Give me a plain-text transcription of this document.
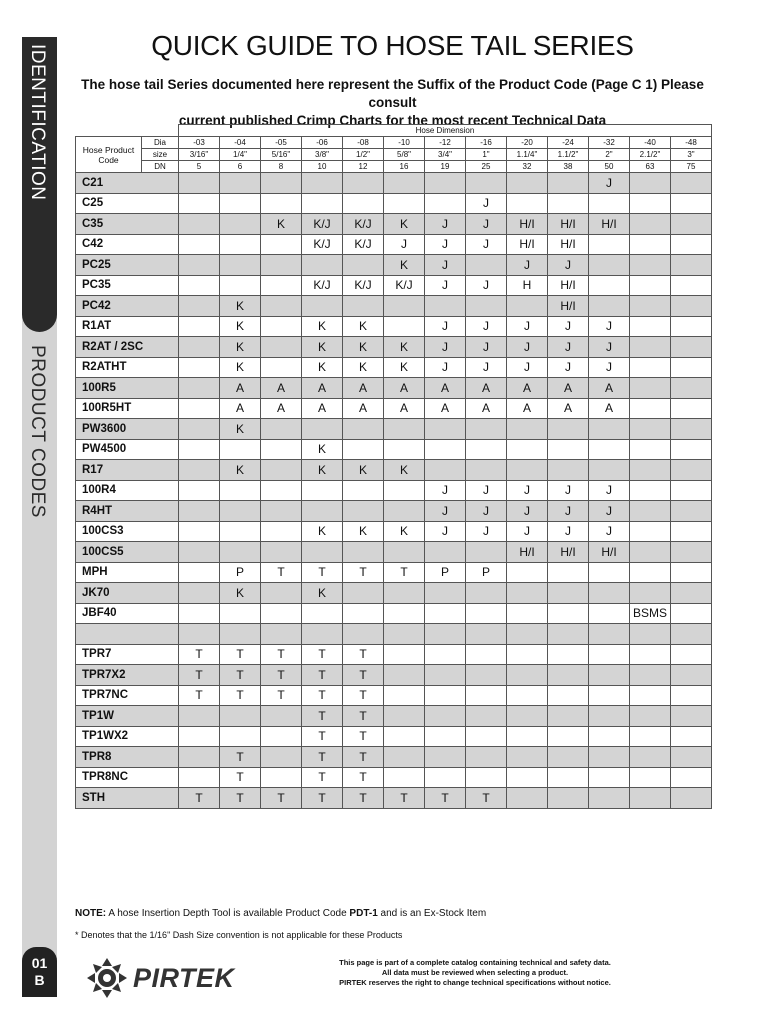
IDENTIFICATION
PRODUCT CODES
01
B
QUICK GUIDE TO HOSE TAIL SERIES
The hose tail Series documented here represent the Suffix of the Product Code (Page C 1) Please consult
current published Crimp Charts for the most recent Technical Data
		Hose Dimension												
Hose Product Code	Dia	-03	-04	-05	-06	-08	-10	-12	-16	-20	-24	-32	-40	-48
	size	3/16"	1/4"	5/16"	3/8"	1/2"	5/8"	3/4"	1"	1.1/4"	1.1/2"	2"	2.1/2"	3"
	DN	5	6	8	10	12	16	19	25	32	38	50	63	75
C21												J		
C25									J					
C35				K	K/J	K/J	K	J	J	H/I	H/I	H/I		
C42					K/J	K/J	J	J	J	H/I	H/I			
PC25							K	J		J	J			
PC35					K/J	K/J	K/J	J	J	H	H/I			
PC42			K								H/I			
R1AT			K		K	K		J	J	J	J	J		
R2AT / 2SC			K		K	K	K	J	J	J	J	J		
R2ATHT			K		K	K	K	J	J	J	J	J		
100R5			A	A	A	A	A	A	A	A	A	A		
100R5HT			A	A	A	A	A	A	A	A	A	A		
PW3600			K											
PW4500					K									
R17			K		K	K	K							
100R4								J	J	J	J	J		
R4HT								J	J	J	J	J		
100CS3					K	K	K	J	J	J	J	J		
100CS5										H/I	H/I	H/I		
MPH			P	T	T	T	T	P	P					
JK70			K		K									
JBF40													BSMS	

TPR7		T	T	T	T	T								
TPR7X2		T	T	T	T	T								
TPR7NC		T	T	T	T	T								
TP1W					T	T								
TP1WX2					T	T								
TPR8			T		T	T								
TPR8NC			T		T	T								
STH		T	T	T	T	T	T	T	T					
NOTE: A hose Insertion Depth Tool is available Product Code PDT-1 and is an Ex-Stock Item
* Denotes that the 1/16" Dash Size convention is not applicable for these Products
PIRTEK	This page is part of a complete catalog containing technical and safety data.
All data must be reviewed when selecting a product.
PIRTEK reserves the right to change technical specifications without notice.
